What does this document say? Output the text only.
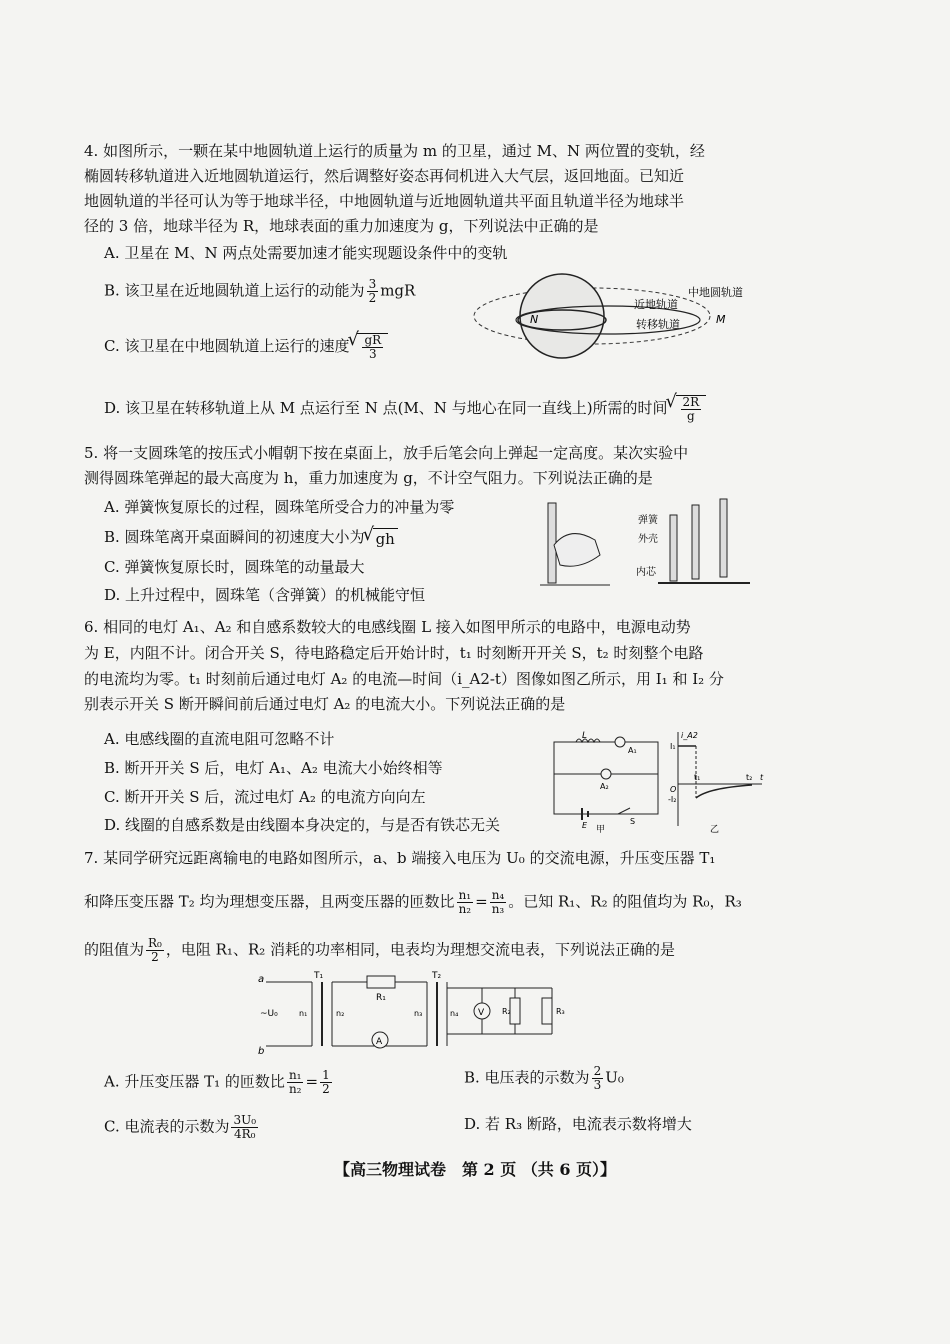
4. 如图所示，一颗在某中地圆轨道上运行的质量为 m 的卫星，通过 M、N 两位置的变轨，经
椭圆转移轨道进入近地圆轨道运行，然后调整好姿态再伺机进入大气层，返回地面。已知近
地圆轨道的半径可认为等于地球半径，中地圆轨道与近地圆轨道共平面且轨道半径为地球半
径的 3 倍，地球半径为 R，地球表面的重力加速度为 g，下列说法中正确的是
A. 卫星在 M、N 两点处需要加速才能实现题设条件中的变轨
B. 该卫星在近地圆轨道上运行的动能为 $\frac{3}{2}$ mgR
C. 该卫星在中地圆轨道上运行的速度 √ $\frac{gR}{3}$
D. 该卫星在转移轨道上从 M 点运行至 N 点(M、N 与地心在同一直线上)所需的时间 √ $\frac{2R}{g}$
N	M
中地圆轨道
近地轨道
转移轨道
5. 将一支圆珠笔的按压式小帽朝下按在桌面上，放手后笔会向上弹起一定高度。某次实验中
测得圆珠笔弹起的最大高度为 h，重力加速度为 g，不计空气阻力。下列说法正确的是
A. 弹簧恢复原长的过程，圆珠笔所受合力的冲量为零
B. 圆珠笔离开桌面瞬间的初速度大小为 √ gh
C. 弹簧恢复原长时，圆珠笔的动量最大
D. 上升过程中，圆珠笔（含弹簧）的机械能守恒
弹簧
外壳
内芯
6. 相同的电灯 A₁、A₂ 和自感系数较大的电感线圈 L 接入如图甲所示的电路中，电源电动势
为 E，内阻不计。闭合开关 S，待电路稳定后开始计时，t₁ 时刻断开开关 S，t₂ 时刻整个电路
的电流均为零。t₁ 时刻前后通过电灯 A₂ 的电流—时间（i_A2-t）图像如图乙所示，用 I₁ 和 I₂ 分
别表示开关 S 断开瞬间前后通过电灯 A₂ 的电流大小。下列说法正确的是
A. 电感线圈的直流电阻可忽略不计
B. 断开开关 S 后，电灯 A₁、A₂ 电流大小始终相等
C. 断开开关 S 后，流过电灯 A₂ 的电流方向向左
D. 线圈的自感系数是由线圈本身决定的，与是否有铁芯无关
L
A₁
A₂
E	S
甲
i_A2
I₁
-I₂
O
t₁	t₂ t
乙
7. 某同学研究远距离输电的电路如图所示，a、b 端接入电压为 U₀ 的交流电源，升压变压器 T₁
和降压变压器 T₂ 均为理想变压器，且两变压器的匝数比 $\frac{\text{n₁}}{\text{n₂}} = \frac{\text{n₄}}{\text{n₃}}$ 。已知 R₁、R₂ 的阻值均为 R₀，R₃
的阻值为 $\frac{\text{R₀}}{2}$ ，电阻 R₁、R₂ 消耗的功率相同，电表均为理想交流电表，下列说法正确的是
a
b
~U₀
T₁	T₂
R₁
A
V R₂	R₃
n₁	n₂	n₃	n₄
A. 升压变压器 T₁ 的匝数比 $\frac{\text{n₁}}{\text{n₂}} = \frac{1}{2}$	B. 电压表的示数为 $\frac{2}{3} U_0$
C. 电流表的示数为 $\frac{\text{3U₀}}{\text{4R₀}}$	D. 若 R₃ 断路，电流表示数将增大
【高三物理试卷　第 2 页 （共 6 页）】
